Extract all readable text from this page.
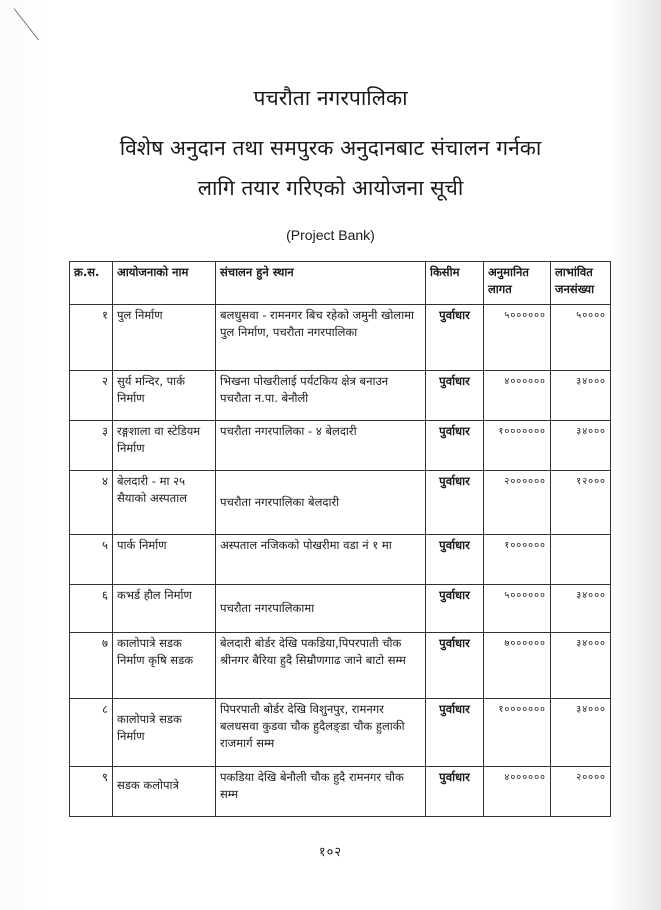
पचरौता नगरपालिका
विशेष अनुदान तथा समपुरक अनुदानबाट संचालन गर्नका
लागि तयार गरिएको आयोजना सूची
(Project Bank)
क्र.स.	आयोजनाको नाम	संचालन हुने स्थान	किसीम	अनुमानित लागत	लाभांवित जनसंख्या
१	पुल निर्माण	बलधुसवा - रामनगर बिच रहेको जमुनी खोलामा पुल निर्माण, पचरौता नगरपालिका	पुर्वाधार	५००००००	५००००
२	सुर्य मन्दिर, पार्क निर्माण	भिखना पोखरीलाई पर्यटकिय क्षेत्र बनाउन पचरौता न.पा. बेनौली	पुर्वाधार	४००००००	३४०००
३	रङ्गशाला वा स्टेडियम निर्माण	पचरौता नगरपालिका - ४ बेलदारी	पुर्वाधार	१०००००००	३४०००
४	बेलदारी - मा २५ सैयाको अस्पताल	पचरौता नगरपालिका बेलदारी	पुर्वाधार	२००००००	१२०००
५	पार्क निर्माण	अस्पताल नजिकको पोखरीमा वडा नं १ मा	पुर्वाधार	१००००००	
६	कभर्ड हौल निर्माण	पचरौता नगरपालिकामा	पुर्वाधार	५००००००	३४०००
७	कालोपात्रे सडक निर्माण कृषि सडक	बेलदारी बोर्डर देखि पकडिया,पिपरपाती चौक श्रीनगर बैरिया हुदै सिम्रौणगाढ जाने बाटो सम्म	पुर्वाधार	७००००००	३४०००
८	कालोपात्रे सडक निर्माण	पिपरपाती बोर्डर देखि विशुनपुर, रामनगर बलधसवा कुडवा चौक हुदैलङ्डा चौक हुलाकी राजमार्ग सम्म	पुर्वाधार	१०००००००	३४०००
९	सडक कलोपात्रे	पकडिया देखि बेनौली चौक हुदै रामनगर चौक सम्म	पुर्वाधार	४००००००	२००००
१०२
